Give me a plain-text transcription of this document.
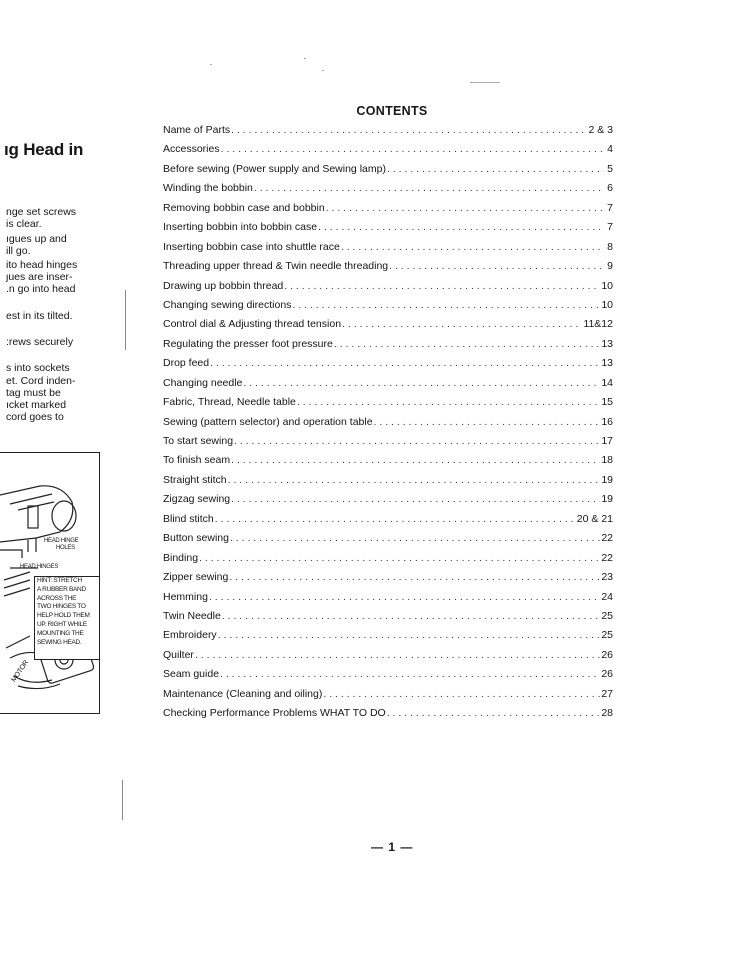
ıg Head in
nge set screws
is clear.
ıgues up and
ill go.
ito head hinges
ȷues are inser-
.n go into head
est in its tilted.
:rews securely
s into sockets
et. Cord inden-
tag must be
ıcket marked
cord goes to
HEAD HINGE
HOLES
HEAD HINGES
HINT: STRETCH
A RUBBER BAND
ACROSS THE
TWO HINGES TO
HELP HOLD THEM
UP. RIGHT WHILE
MOUNTING THE
SEWING HEAD.
MOTOR
CONTENTS
Name of Parts . . .	2 & 3
Accessories . . .	4
Before sewing (Power supply and Sewing lamp) . . .	5
Winding the bobbin . . .	6
Removing bobbin case and bobbin . . .	7
Inserting bobbin into bobbin case . . .	7
Inserting bobbin case into shuttle race . . .	8
Threading upper thread & Twin needle threading . . .	9
Drawing up bobbin thread . . .	10
Changing sewing directions . . .	10
Control dial & Adjusting thread tension . . .	11&12
Regulating the presser foot pressure . . .	13
Drop feed . . .	13
Changing needle . . .	14
Fabric, Thread, Needle table . . .	15
Sewing (pattern selector) and operation table . . .	16
To start sewing . . .	17
To finish seam . . .	18
Straight stitch . . .	19
Zigzag sewing . . .	19
Blind stitch . . .	20 & 21
Button sewing . . .	22
Binding . . .	22
Zipper sewing . . .	23
Hemming . . .	24
Twin Needle . . .	25
Embroidery . . .	25
Quilter . . .	26
Seam guide . . .	26
Maintenance (Cleaning and oiling) . . .	27
Checking Performance Problems WHAT TO DO . . .	28
— 1 —
